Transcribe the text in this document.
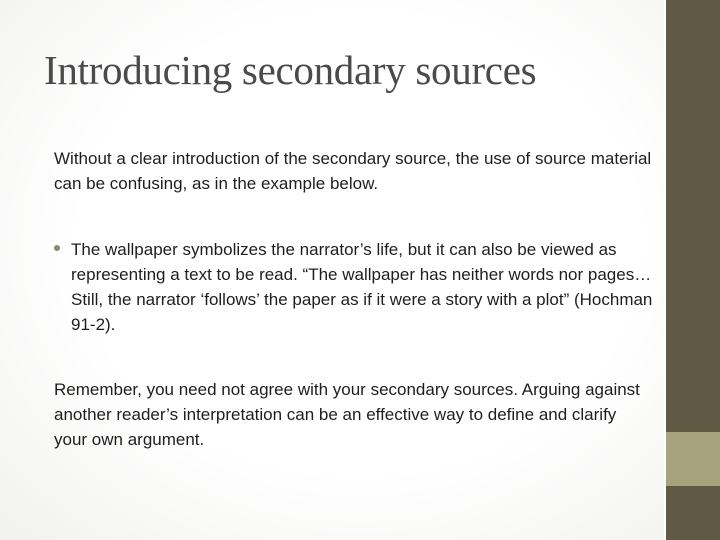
Introducing secondary sources

Without a clear introduction of the secondary source, the use of source material can be confusing, as in the example below.

The wallpaper symbolizes the narrator’s life, but it can also be viewed as representing a text to be read. “The wallpaper has neither words nor pages… Still, the narrator ‘follows’ the paper as if it were a story with a plot” (Hochman 91-2).

Remember, you need not agree with your secondary sources. Arguing against another reader’s interpretation can be an effective way to define and clarify your own argument.
